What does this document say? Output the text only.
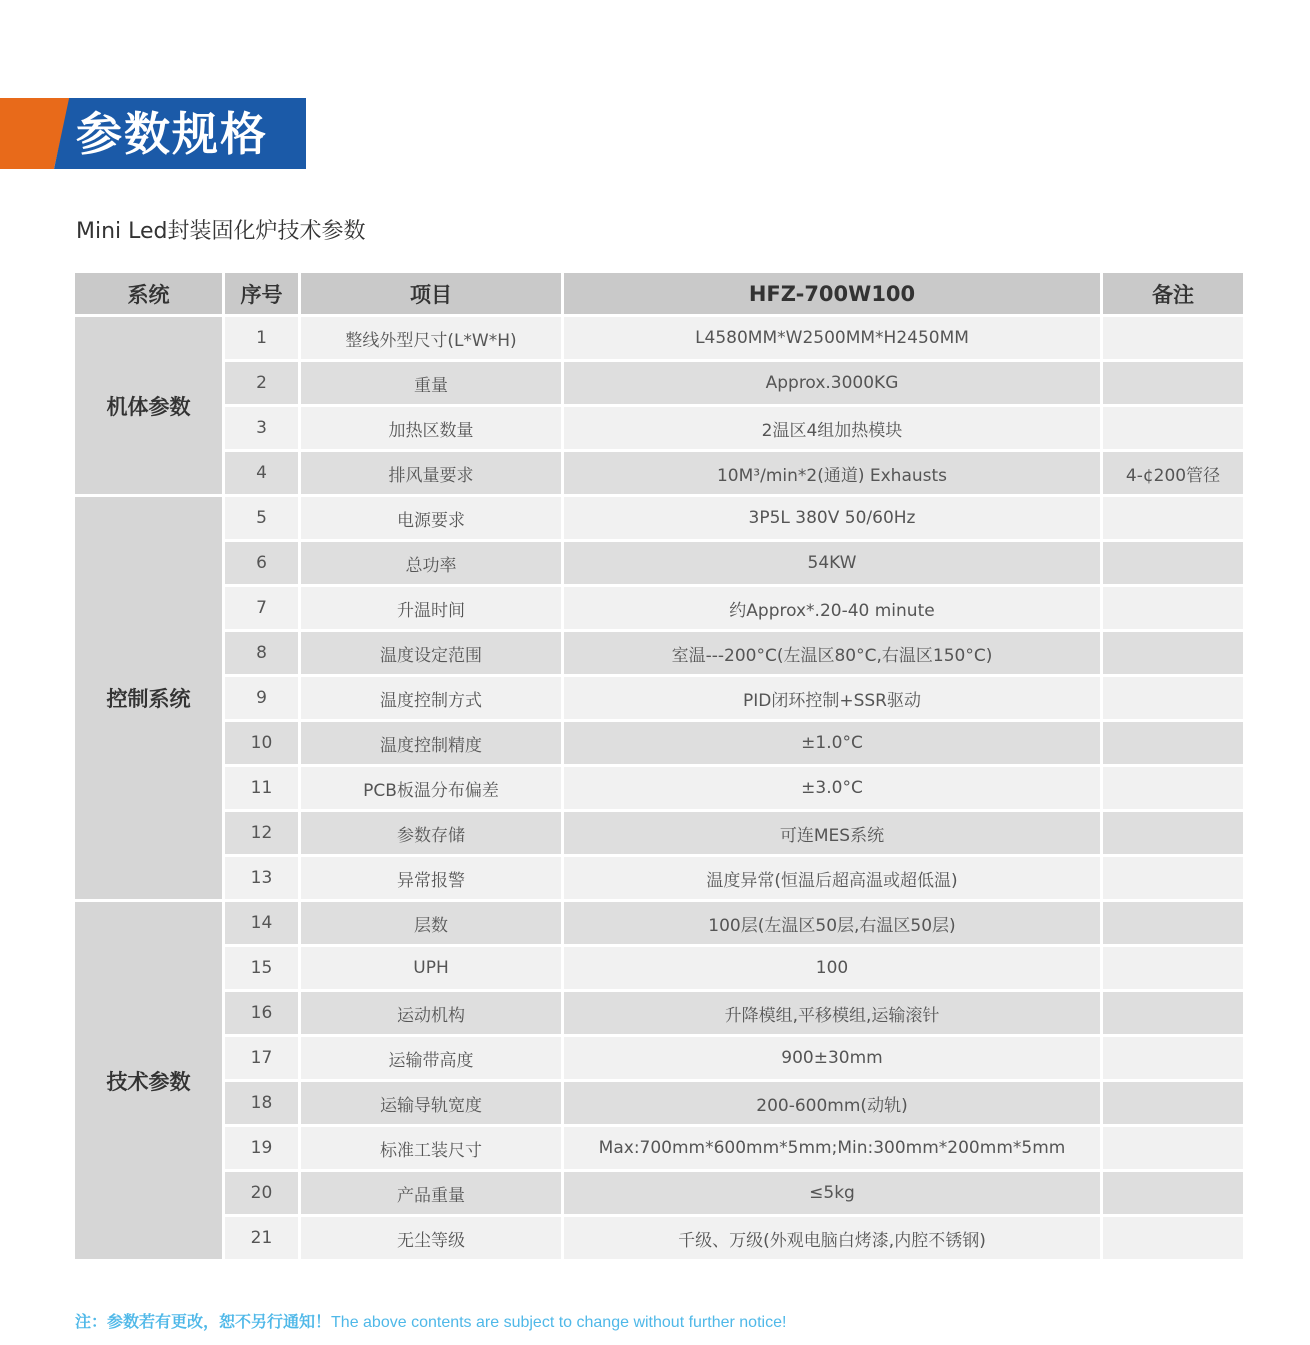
参数规格
Mini Led封装固化炉技术参数
系统	序号	项目	HFZ-700W100	备注
机体参数	1	整线外型尺寸(L*W*H)	L4580MM*W2500MM*H2450MM	
	2	重量	Approx.3000KG	
	3	加热区数量	2温区4组加热模块	
	4	排风量要求	10M³/min*2(通道) Exhausts	4-¢200管径
控制系统	5	电源要求	3P5L 380V 50/60Hz	
	6	总功率	54KW	
	7	升温时间	约Approx*.20-40 minute	
	8	温度设定范围	室温---200°C(左温区80°C,右温区150°C)	
	9	温度控制方式	PID闭环控制+SSR驱动	
	10	温度控制精度	±1.0°C	
	11	PCB板温分布偏差	±3.0°C	
	12	参数存储	可连MES系统	
	13	异常报警	温度异常(恒温后超高温或超低温)	
技术参数	14	层数	100层(左温区50层,右温区50层)	
	15	UPH	100	
	16	运动机构	升降模组,平移模组,运输滚针	
	17	运输带高度	900±30mm	
	18	运输导轨宽度	200-600mm(动轨)	
	19	标准工装尺寸	Max:700mm*600mm*5mm;Min:300mm*200mm*5mm	
	20	产品重量	≤5kg	
	21	无尘等级	千级、万级(外观电脑白烤漆,内腔不锈钢)	
注：参数若有更改，恕不另行通知！The above contents are subject to change without further notice!
